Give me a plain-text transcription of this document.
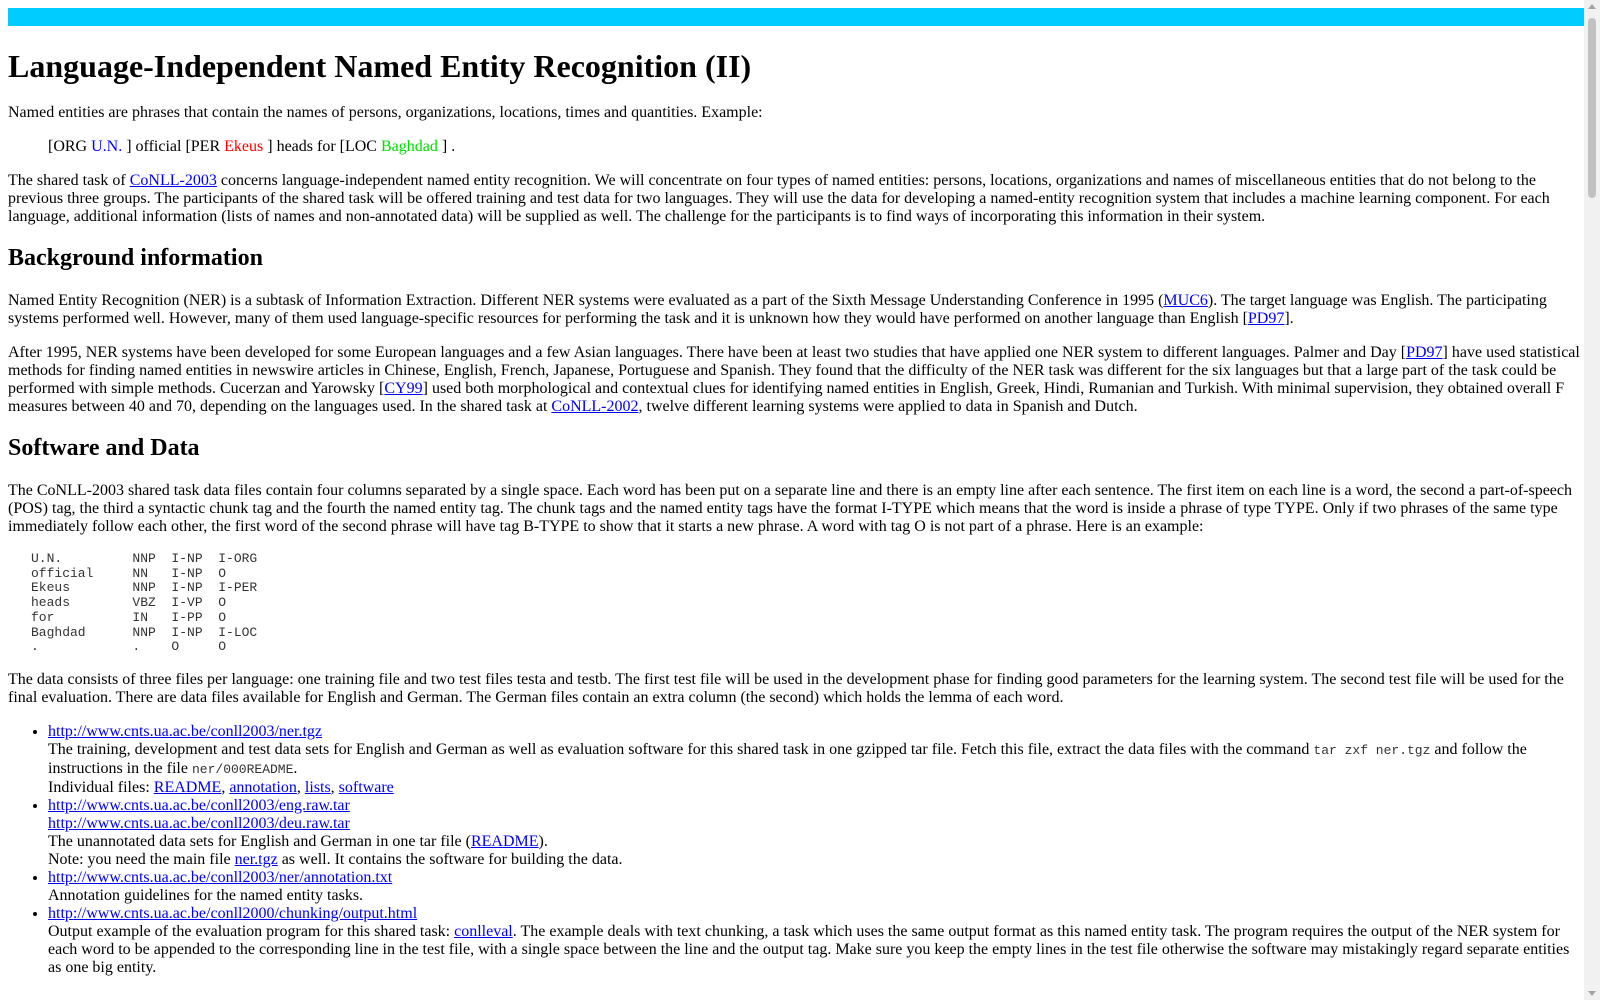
Language-Independent Named Entity Recognition (II)

Named entities are phrases that contain the names of persons, organizations, locations, times and quantities. Example:

[ORG U.N. ] official [PER Ekeus ] heads for [LOC Baghdad ] .

The shared task of CoNLL-2003 concerns language-independent named entity recognition. We will concentrate on four types of named entities: persons, locations, organizations and names of miscellaneous entities that do not belong to the previous three groups. The participants of the shared task will be offered training and test data for two languages. They will use the data for developing a named-entity recognition system that includes a machine learning component. For each language, additional information (lists of names and non-annotated data) will be supplied as well. The challenge for the participants is to find ways of incorporating this information in their system.

Background information

Named Entity Recognition (NER) is a subtask of Information Extraction. Different NER systems were evaluated as a part of the Sixth Message Understanding Conference in 1995 (MUC6). The target language was English. The participating systems performed well. However, many of them used language-specific resources for performing the task and it is unknown how they would have performed on another language than English [PD97].

After 1995, NER systems have been developed for some European languages and a few Asian languages. There have been at least two studies that have applied one NER system to different languages. Palmer and Day [PD97] have used statistical methods for finding named entities in newswire articles in Chinese, English, French, Japanese, Portuguese and Spanish. They found that the difficulty of the NER task was different for the six languages but that a large part of the task could be performed with simple methods. Cucerzan and Yarowsky [CY99] used both morphological and contextual clues for identifying named entities in English, Greek, Hindi, Rumanian and Turkish. With minimal supervision, they obtained overall F measures between 40 and 70, depending on the languages used. In the shared task at CoNLL-2002, twelve different learning systems were applied to data in Spanish and Dutch.

Software and Data

The CoNLL-2003 shared task data files contain four columns separated by a single space. Each word has been put on a separate line and there is an empty line after each sentence. The first item on each line is a word, the second a part-of-speech (POS) tag, the third a syntactic chunk tag and the fourth the named entity tag. The chunk tags and the named entity tags have the format I-TYPE which means that the word is inside a phrase of type TYPE. Only if two phrases of the same type immediately follow each other, the first word of the second phrase will have tag B-TYPE to show that it starts a new phrase. A word with tag O is not part of a phrase. Here is an example:

U.N.         NNP  I-NP  I-ORG
official     NN   I-NP  O
Ekeus        NNP  I-NP  I-PER
heads        VBZ  I-VP  O
for          IN   I-PP  O
Baghdad      NNP  I-NP  I-LOC
.            .    O     O

The data consists of three files per language: one training file and two test files testa and testb. The first test file will be used in the development phase for finding good parameters for the learning system. The second test file will be used for the final evaluation. There are data files available for English and German. The German files contain an extra column (the second) which holds the lemma of each word.

• http://www.cnts.ua.ac.be/conll2003/ner.tgz
The training, development and test data sets for English and German as well as evaluation software for this shared task in one gzipped tar file. Fetch this file, extract the data files with the command tar zxf ner.tgz and follow the instructions in the file ner/000README.
Individual files: README, annotation, lists, software
• http://www.cnts.ua.ac.be/conll2003/eng.raw.tar
http://www.cnts.ua.ac.be/conll2003/deu.raw.tar
The unannotated data sets for English and German in one tar file (README).
Note: you need the main file ner.tgz as well. It contains the software for building the data.
• http://www.cnts.ua.ac.be/conll2003/ner/annotation.txt
Annotation guidelines for the named entity tasks.
• http://www.cnts.ua.ac.be/conll2000/chunking/output.html
Output example of the evaluation program for this shared task: conlleval. The example deals with text chunking, a task which uses the same output format as this named entity task. The program requires the output of the NER system for each word to be appended to the corresponding line in the test file, with a single space between the line and the output tag. Make sure you keep the empty lines in the test file otherwise the software may mistakingly regard separate entities as one big entity.
